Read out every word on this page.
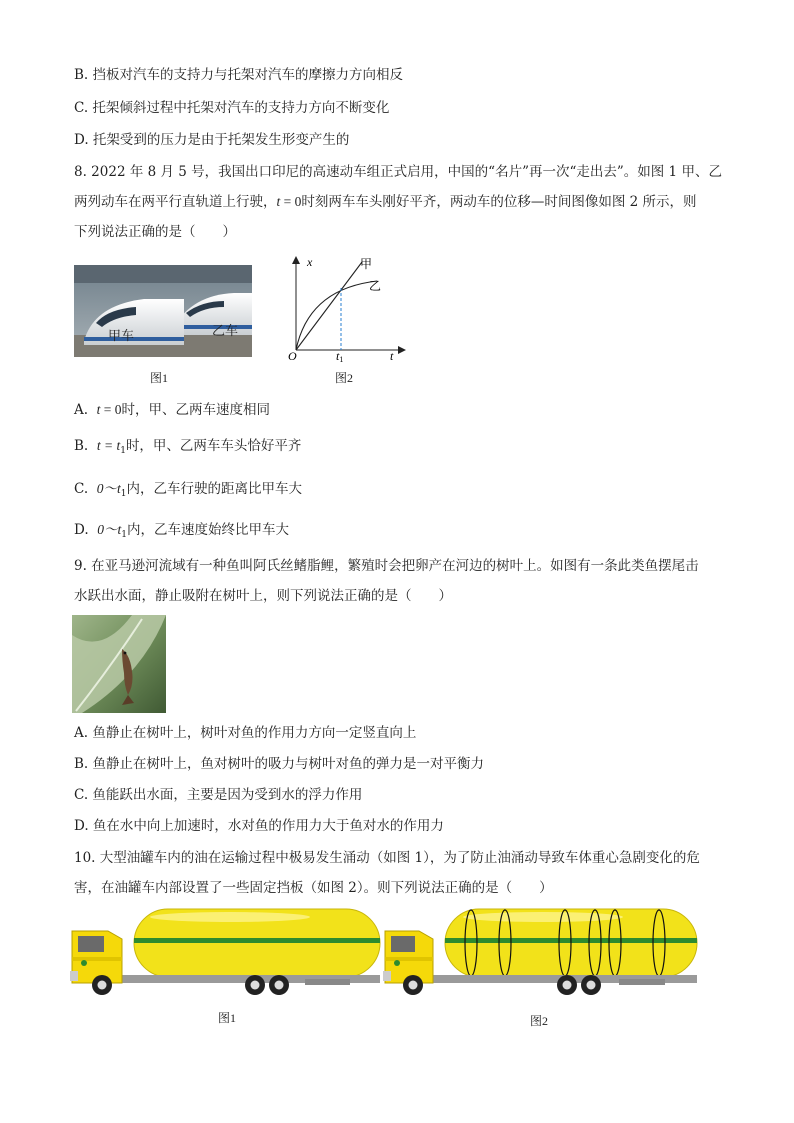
B. 挡板对汽车的支持力与托架对汽车的摩擦力方向相反
C. 托架倾斜过程中托架对汽车的支持力方向不断变化
D. 托架受到的压力是由于托架发生形变产生的
8. 2022 年 8 月 5 号，我国出口印尼的高速动车组正式启用，中国的“名片”再一次“走出去”。如图 1 甲、乙
两列动车在两平行直轨道上行驶，t = 0时刻两车车头刚好平齐，两动车的位移—时间图像如图 2 所示，则
下列说法正确的是（　　）
甲车	乙车
图1
x
t
O	t1
甲
乙
图2
A. t = 0时，甲、乙两车速度相同
B. $t = t_1$时，甲、乙两车车头恰好平齐
C. $0\sim t_1$内，乙车行驶的距离比甲车大
D. $0\sim t_1$内，乙车速度始终比甲车大
9. 在亚马逊河流域有一种鱼叫阿氏丝鳍脂鲤，繁殖时会把卵产在河边的树叶上。如图有一条此类鱼摆尾击
水跃出水面，静止吸附在树叶上，则下列说法正确的是（　　）
A. 鱼静止在树叶上，树叶对鱼的作用力方向一定竖直向上
B. 鱼静止在树叶上，鱼对树叶的吸力与树叶对鱼的弹力是一对平衡力
C. 鱼能跃出水面，主要是因为受到水的浮力作用
D. 鱼在水中向上加速时，水对鱼的作用力大于鱼对水的作用力
10. 大型油罐车内的油在运输过程中极易发生涌动（如图 1），为了防止油涌动导致车体重心急剧变化的危
害，在油罐车内部设置了一些固定挡板（如图 2）。则下列说法正确的是（　　）
图1	图2
